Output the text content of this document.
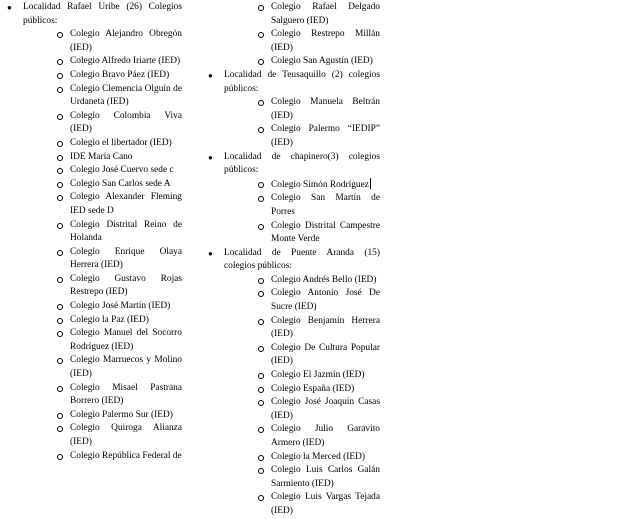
● Localidad Rafael Uribe (26) Colegios públicos:
Colegio Alejandro Obregón (IED)
Colegio Alfredo Iriarte (IED)
Colegio Bravo Páez (IED)
Colegio Clemencia Olguín de Urdaneta (IED)
Colegio Colombia Viva (IED)
Colegio el libertador (IED)
IDE María Cano
Colegio José Cuervo sede c
Colegio San Carlos sede A
Colegio Alexander Fleming IED sede D
Colegio Distrital Reino de Holanda
Colegio Enrique Olaya Herrera (IED)
Colegio Gustavo Rojas Restrepo (IED)
Colegio José Martín (IED)
Colegio la Paz (IED)
Colegio Manuel del Socorro Rodríguez (IED)
Colegio Marruecos y Molino (IED)
Colegio Misael Pastrana Borrero (IED)
Colegio Palermo Sur (IED)
Colegio Quiroga Alianza (IED)
Colegio República Federal de
Colegio Rafael Delgado Salguero (IED)
Colegio Restrepo Millán (IED)
Colegio San Agustín (IED)
● Localidad de Teusaquillo (2) colegios públicos:
Colegio Manuela Beltrán (IED)
Colegio Palermo “IEDIP” (IED)
● Localidad de chapinero(3) colegios públicos:
Colegio Simón Rodríguez
Colegio San Martín de Porres
Colegio Distrital Campestre Monte Verde
● Localidad de Puente Aranda (15) colegios públicos:
Colegio Andrés Bello (IED)
Colegio Antonio José De Sucre (IED)
Colegio Benjamín Herrera (IED)
Colegio De Cultura Popular (IED)
Colegio El Jazmín (IED)
Colegio España (IED)
Colegio José Joaquín Casas (IED)
Colegio Julio Garavito Armero (IED)
Colegio la Merced (IED)
Colegio Luis Carlos Galán Sarmiento (IED)
Colegio Luis Vargas Tejada (IED)
